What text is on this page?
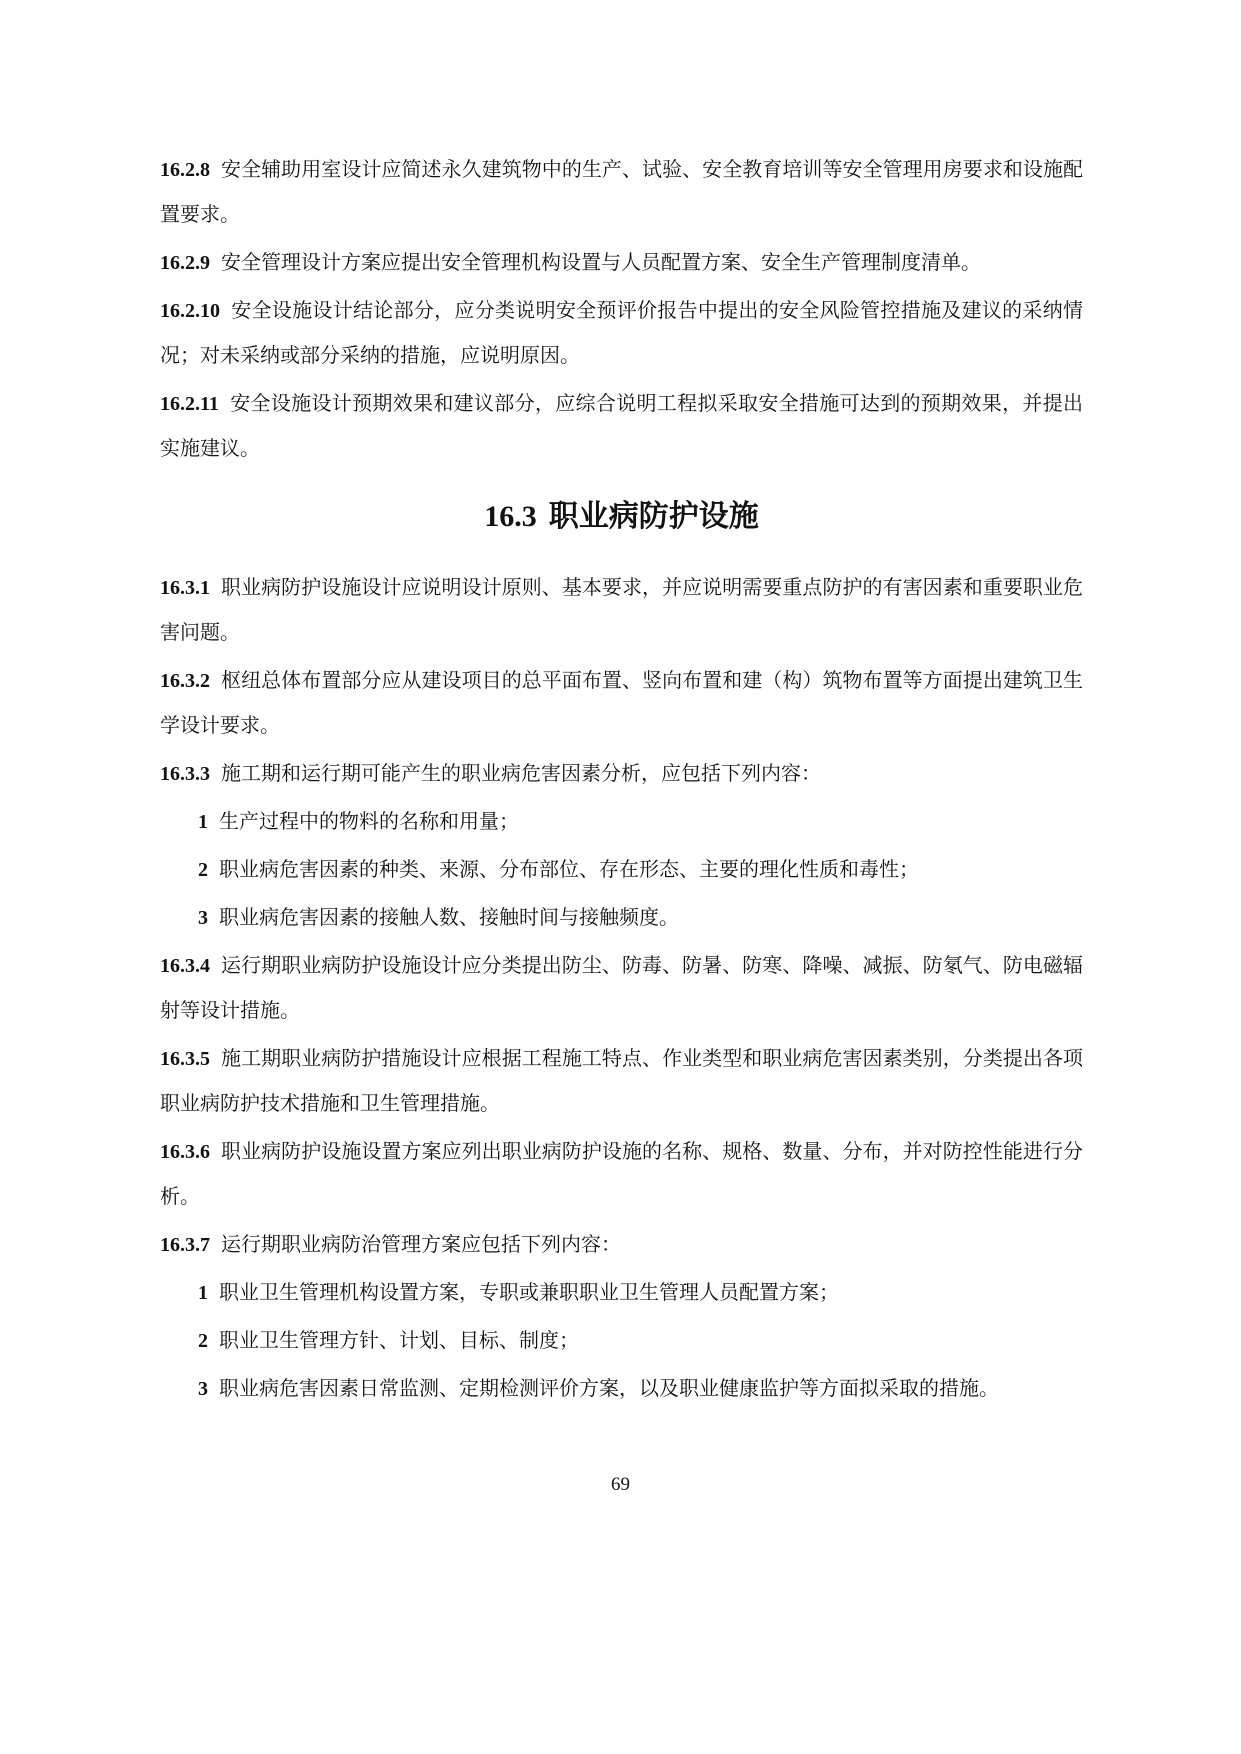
16.2.8 安全辅助用室设计应简述永久建筑物中的生产、试验、安全教育培训等安全管理用房要求和设施配置要求。

16.2.9 安全管理设计方案应提出安全管理机构设置与人员配置方案、安全生产管理制度清单。

16.2.10 安全设施设计结论部分，应分类说明安全预评价报告中提出的安全风险管控措施及建议的采纳情况；对未采纳或部分采纳的措施，应说明原因。

16.2.11 安全设施设计预期效果和建议部分，应综合说明工程拟采取安全措施可达到的预期效果，并提出实施建议。

16.3 职业病防护设施

16.3.1 职业病防护设施设计应说明设计原则、基本要求，并应说明需要重点防护的有害因素和重要职业危害问题。

16.3.2 枢纽总体布置部分应从建设项目的总平面布置、竖向布置和建（构）筑物布置等方面提出建筑卫生学设计要求。

16.3.3 施工期和运行期可能产生的职业病危害因素分析，应包括下列内容：

1 生产过程中的物料的名称和用量；

2 职业病危害因素的种类、来源、分布部位、存在形态、主要的理化性质和毒性；

3 职业病危害因素的接触人数、接触时间与接触频度。

16.3.4 运行期职业病防护设施设计应分类提出防尘、防毒、防暑、防寒、降噪、减振、防氡气、防电磁辐射等设计措施。

16.3.5 施工期职业病防护措施设计应根据工程施工特点、作业类型和职业病危害因素类别，分类提出各项职业病防护技术措施和卫生管理措施。

16.3.6 职业病防护设施设置方案应列出职业病防护设施的名称、规格、数量、分布，并对防控性能进行分析。

16.3.7 运行期职业病防治管理方案应包括下列内容：

1 职业卫生管理机构设置方案，专职或兼职职业卫生管理人员配置方案；

2 职业卫生管理方针、计划、目标、制度；

3 职业病危害因素日常监测、定期检测评价方案，以及职业健康监护等方面拟采取的措施。

69
